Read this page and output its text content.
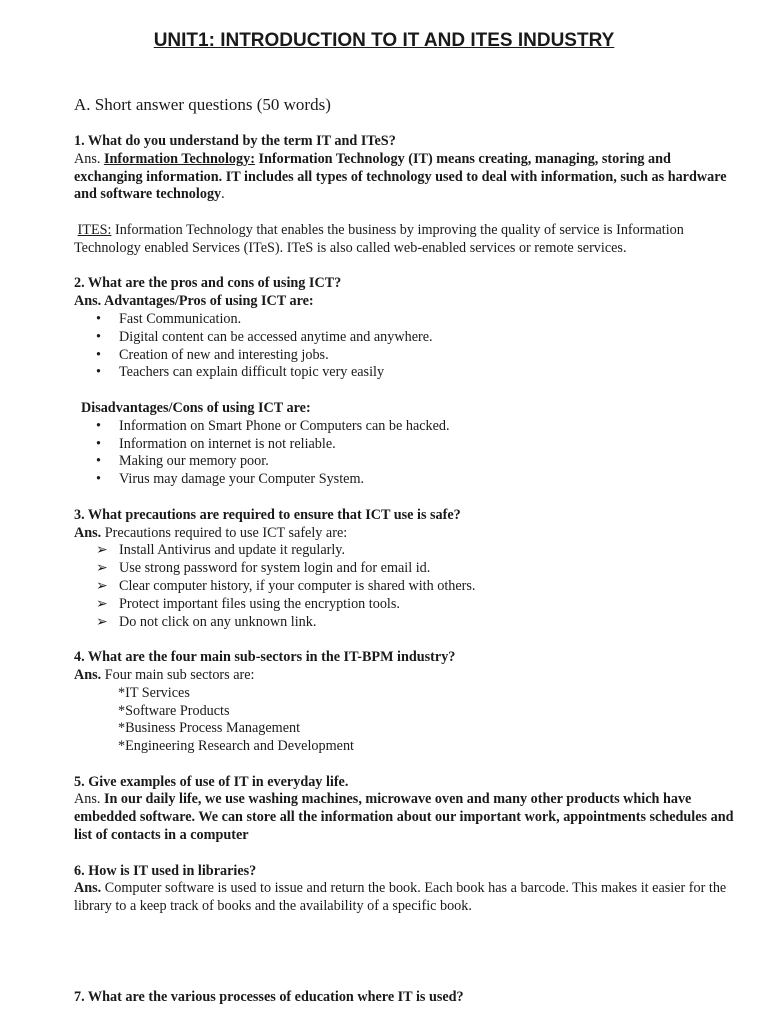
UNIT1: INTRODUCTION TO IT AND ITES INDUSTRY
A. Short answer questions (50 words)

1. What do you understand by the term IT and ITeS?

Ans. Information Technology: Information Technology (IT) means creating, managing, storing and exchanging information. IT includes all types of technology used to deal with information, such as hardware and software technology.

ITES: Information Technology that enables the business by improving the quality of service is Information Technology enabled Services (ITeS). ITeS is also called web-enabled services or remote services.

2. What are the pros and cons of using ICT?

Ans. Advantages/Pros of using ICT are:

• Fast Communication.
• Digital content can be accessed anytime and anywhere.
• Creation of new and interesting jobs.
• Teachers can explain difficult topic very easily

Disadvantages/Cons of using ICT are:

• Information on Smart Phone or Computers can be hacked.
• Information on internet is not reliable.
• Making our memory poor.
• Virus may damage your Computer System.

3. What precautions are required to ensure that ICT use is safe?

Ans. Precautions required to use ICT safely are:

➢ Install Antivirus and update it regularly.
➢ Use strong password for system login and for email id.
➢ Clear computer history, if your computer is shared with others.
➢ Protect important files using the encryption tools.
➢ Do not click on any unknown link.

4. What are the four main sub-sectors in the IT-BPM industry?

Ans. Four main sub sectors are:

*IT Services

*Software Products

*Business Process Management

*Engineering Research and Development

5. Give examples of use of IT in everyday life.

Ans. In our daily life, we use washing machines, microwave oven and many other products which have embedded software. We can store all the information about our important work, appointments schedules and list of contacts in a computer

6. How is IT used in libraries?

Ans. Computer software is used to issue and return the book. Each book has a barcode. This makes it easier for the library to a keep track of books and the availability of a specific book.

7. What are the various processes of education where IT is used?
